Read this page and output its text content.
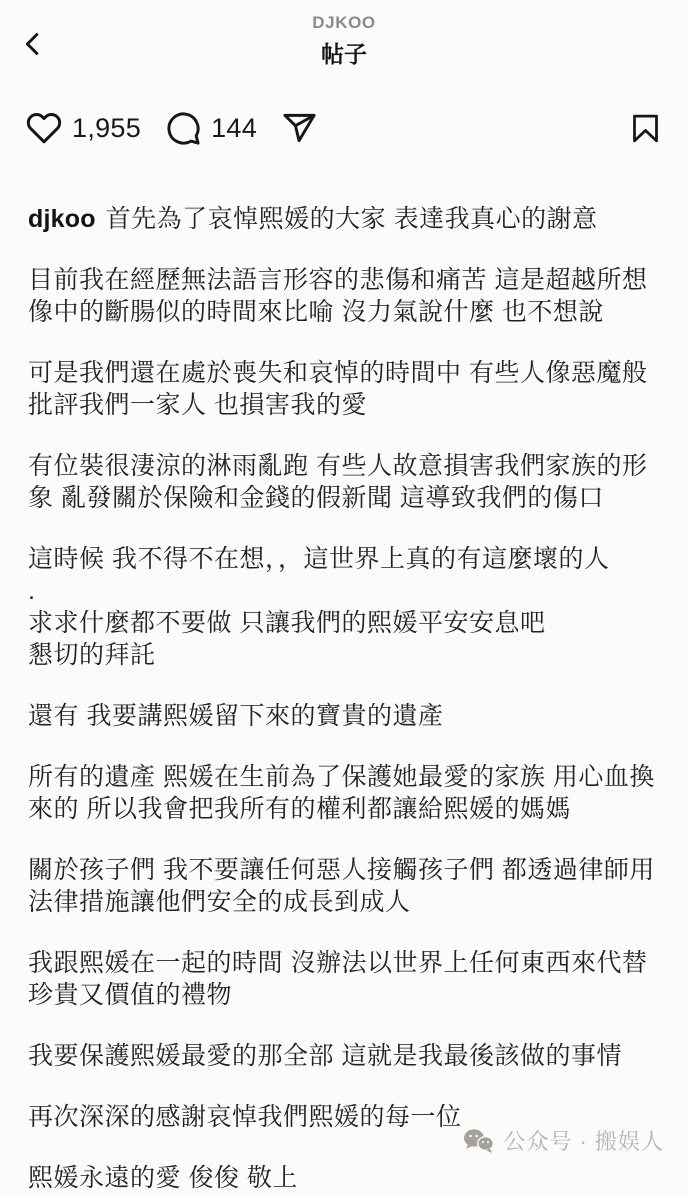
DJKOO
帖子
1,955	144

djkoo 首先為了哀悼熙媛的大家 表達我真心的謝意

目前我在經歷無法語言形容的悲傷和痛苦 這是超越所想像中的斷腸似的時間來比喻 沒力氣說什麼 也不想說

可是我們還在處於喪失和哀悼的時間中 有些人像惡魔般批評我們一家人 也損害我的愛

有位裝很淒涼的淋雨亂跑 有些人故意損害我們家族的形象 亂發關於保險和金錢的假新聞 這導致我們的傷口

這時候 我不得不在想，，這世界上真的有這麼壞的人
.
求求什麼都不要做 只讓我們的熙媛平安安息吧
懇切的拜託

還有 我要講熙媛留下來的寶貴的遺產

所有的遺產 熙媛在生前為了保護她最愛的家族 用心血換來的 所以我會把我所有的權利都讓給熙媛的媽媽

關於孩子們 我不要讓任何惡人接觸孩子們 都透過律師用法律措施讓他們安全的成長到成人

我跟熙媛在一起的時間 沒辦法以世界上任何東西來代替珍貴又價值的禮物

我要保護熙媛最愛的那全部 這就是我最後該做的事情

再次深深的感謝哀悼我們熙媛的每一位

熙媛永遠的愛 俊俊 敬上

公众号 · 搬娱人
